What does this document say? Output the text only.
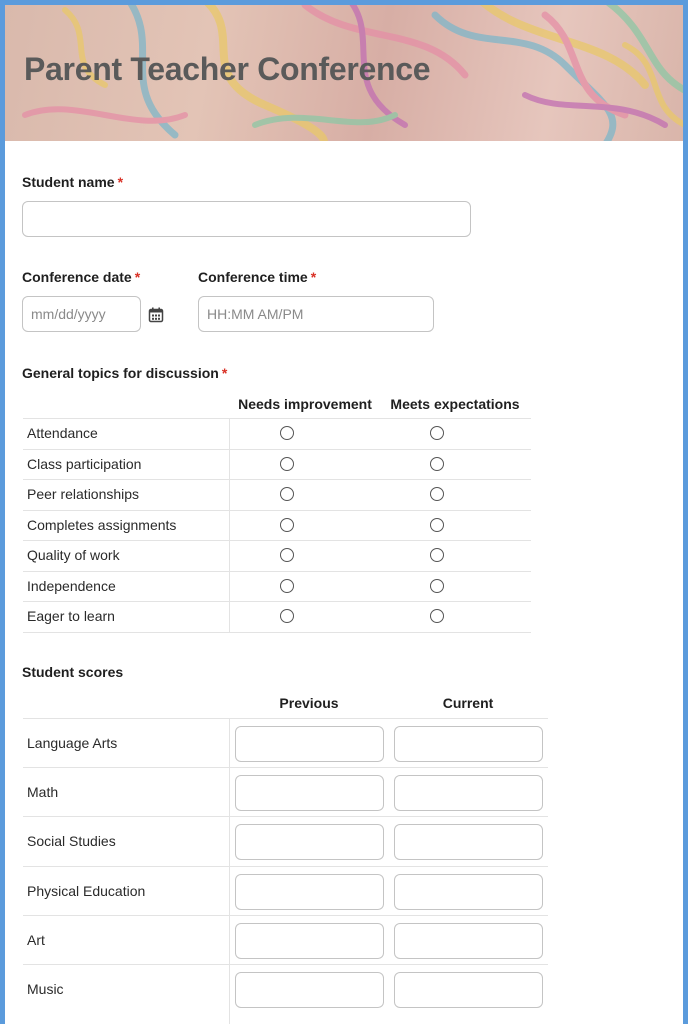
Parent Teacher Conference
Student name *
Conference date *
mm/dd/yyyy
Conference time *
HH:MM AM/PM
General topics for discussion *
Needs improvement	Meets expectations
Attendance
Class participation
Peer relationships
Completes assignments
Quality of work
Independence
Eager to learn
Student scores
Previous	Current
Language Arts
Math
Social Studies
Physical Education
Art
Music
